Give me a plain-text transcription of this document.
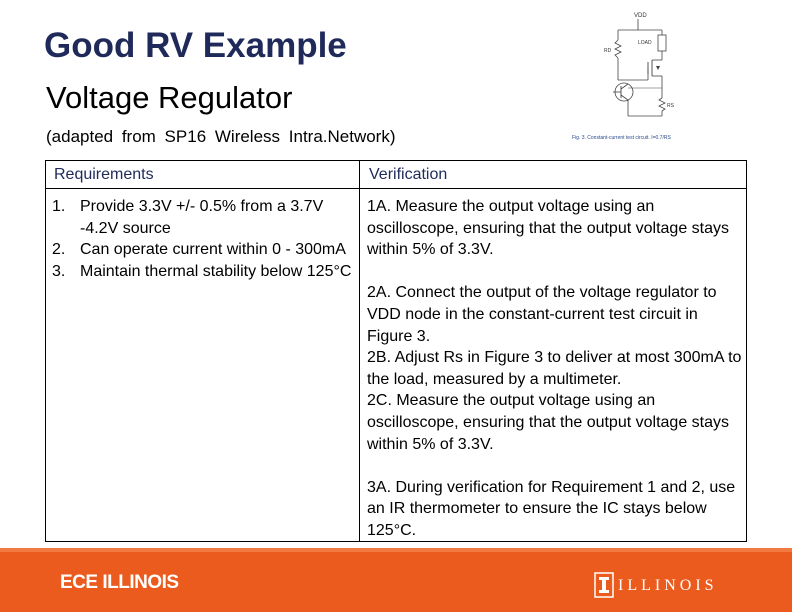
Good RV Example
Voltage Regulator
(adapted from SP16 Wireless Intra.Network)
VDD
RD
LOAD
RS
Fig. 3. Constant-current test circuit. I=0.7/RS
Requirements	Verification
1. Provide 3.3V +/- 0.5% from a 3.7V -4.2V source
2. Can operate current within 0 - 300mA
3. Maintain thermal stability below 125°C

1A. Measure the output voltage using an oscilloscope, ensuring that the output voltage stays within 5% of 3.3V.

2A. Connect the output of the voltage regulator to VDD node in the constant-current test circuit in Figure 3.

2B. Adjust Rs in Figure 3 to deliver at most 300mA to the load, measured by a multimeter.

2C. Measure the output voltage using an oscilloscope, ensuring that the output voltage stays within 5% of 3.3V.

3A. During verification for Requirement 1 and 2, use an IR thermometer to ensure the IC stays below 125°C.

ECE ILLINOIS	ILLINOIS
